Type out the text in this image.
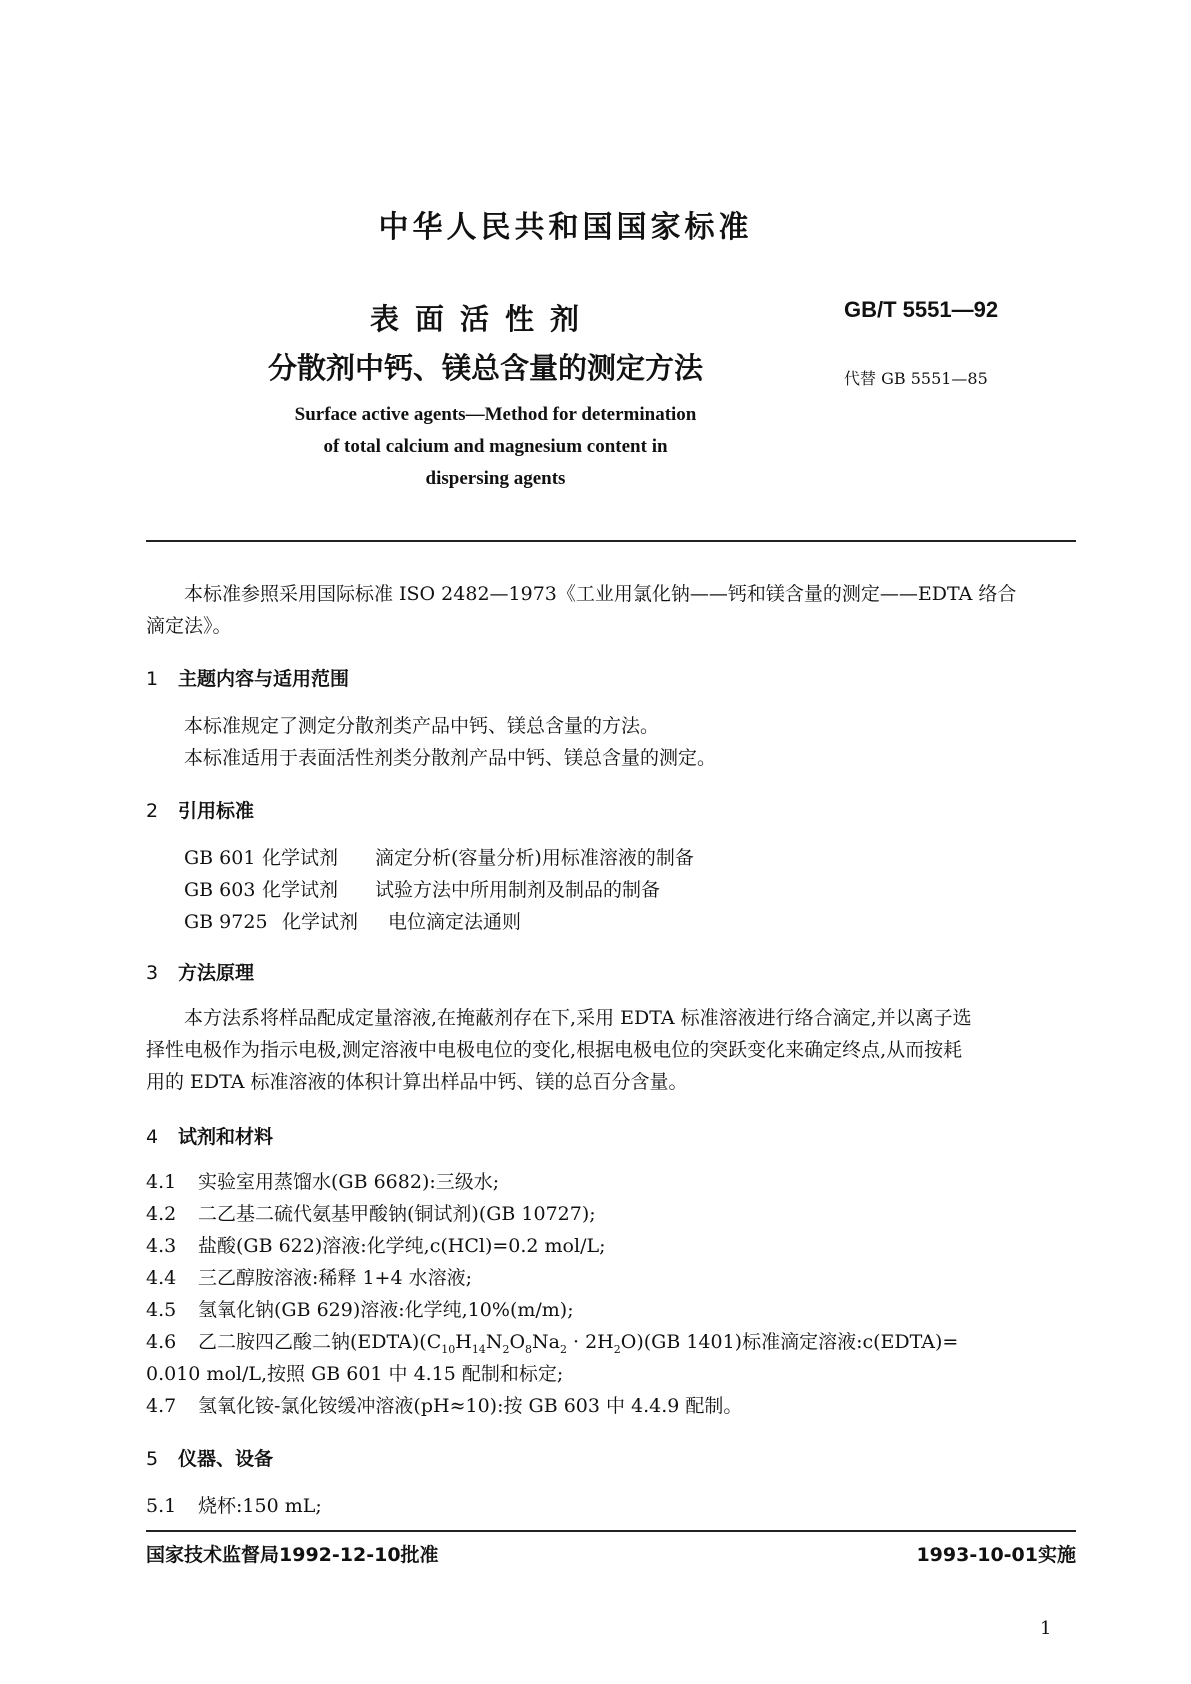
中华人民共和国国家标准
表面活性剂
分散剂中钙、镁总含量的测定方法
GB/T 5551—92
代替 GB 5551—85
Surface active agents—Method for determination
of total calcium and magnesium content in
dispersing agents
本标准参照采用国际标准 ISO 2482—1973《工业用氯化钠——钙和镁含量的测定——EDTA 络合
滴定法》。
1 主题内容与适用范围
本标准规定了测定分散剂类产品中钙、镁总含量的方法。
本标准适用于表面活性剂类分散剂产品中钙、镁总含量的测定。
2 引用标准
GB 601 化学试剂 滴定分析(容量分析)用标准溶液的制备
GB 603 化学试剂 试验方法中所用制剂及制品的制备
GB 9725 化学试剂 电位滴定法通则
3 方法原理
本方法系将样品配成定量溶液,在掩蔽剂存在下,采用 EDTA 标准溶液进行络合滴定,并以离子选
择性电极作为指示电极,测定溶液中电极电位的变化,根据电极电位的突跃变化来确定终点,从而按耗
用的 EDTA 标准溶液的体积计算出样品中钙、镁的总百分含量。
4 试剂和材料
4.1 实验室用蒸馏水(GB 6682):三级水;
4.2 二乙基二硫代氨基甲酸钠(铜试剂)(GB 10727);
4.3 盐酸(GB 622)溶液:化学纯,c(HCl)=0.2 mol/L;
4.4 三乙醇胺溶液:稀释 1+4 水溶液;
4.5 氢氧化钠(GB 629)溶液:化学纯,10%(m/m);
4.6 乙二胺四乙酸二钠$(EDTA)(C_{10}H_{14}N_2O_8Na_2 \cdot 2H_2O)(GB$ 1401)标准滴定溶液:c(EDTA)=
0.010 mol/L,按照 GB 601 中 4.15 配制和标定;
4.7 氢氧化铵-氯化铵缓冲溶液(pH≈10):按 GB 603 中 4.4.9 配制。
5 仪器、设备
5.1 烧杯:150 mL;
国家技术监督局1992-12-10批准	1993-10-01实施
1
